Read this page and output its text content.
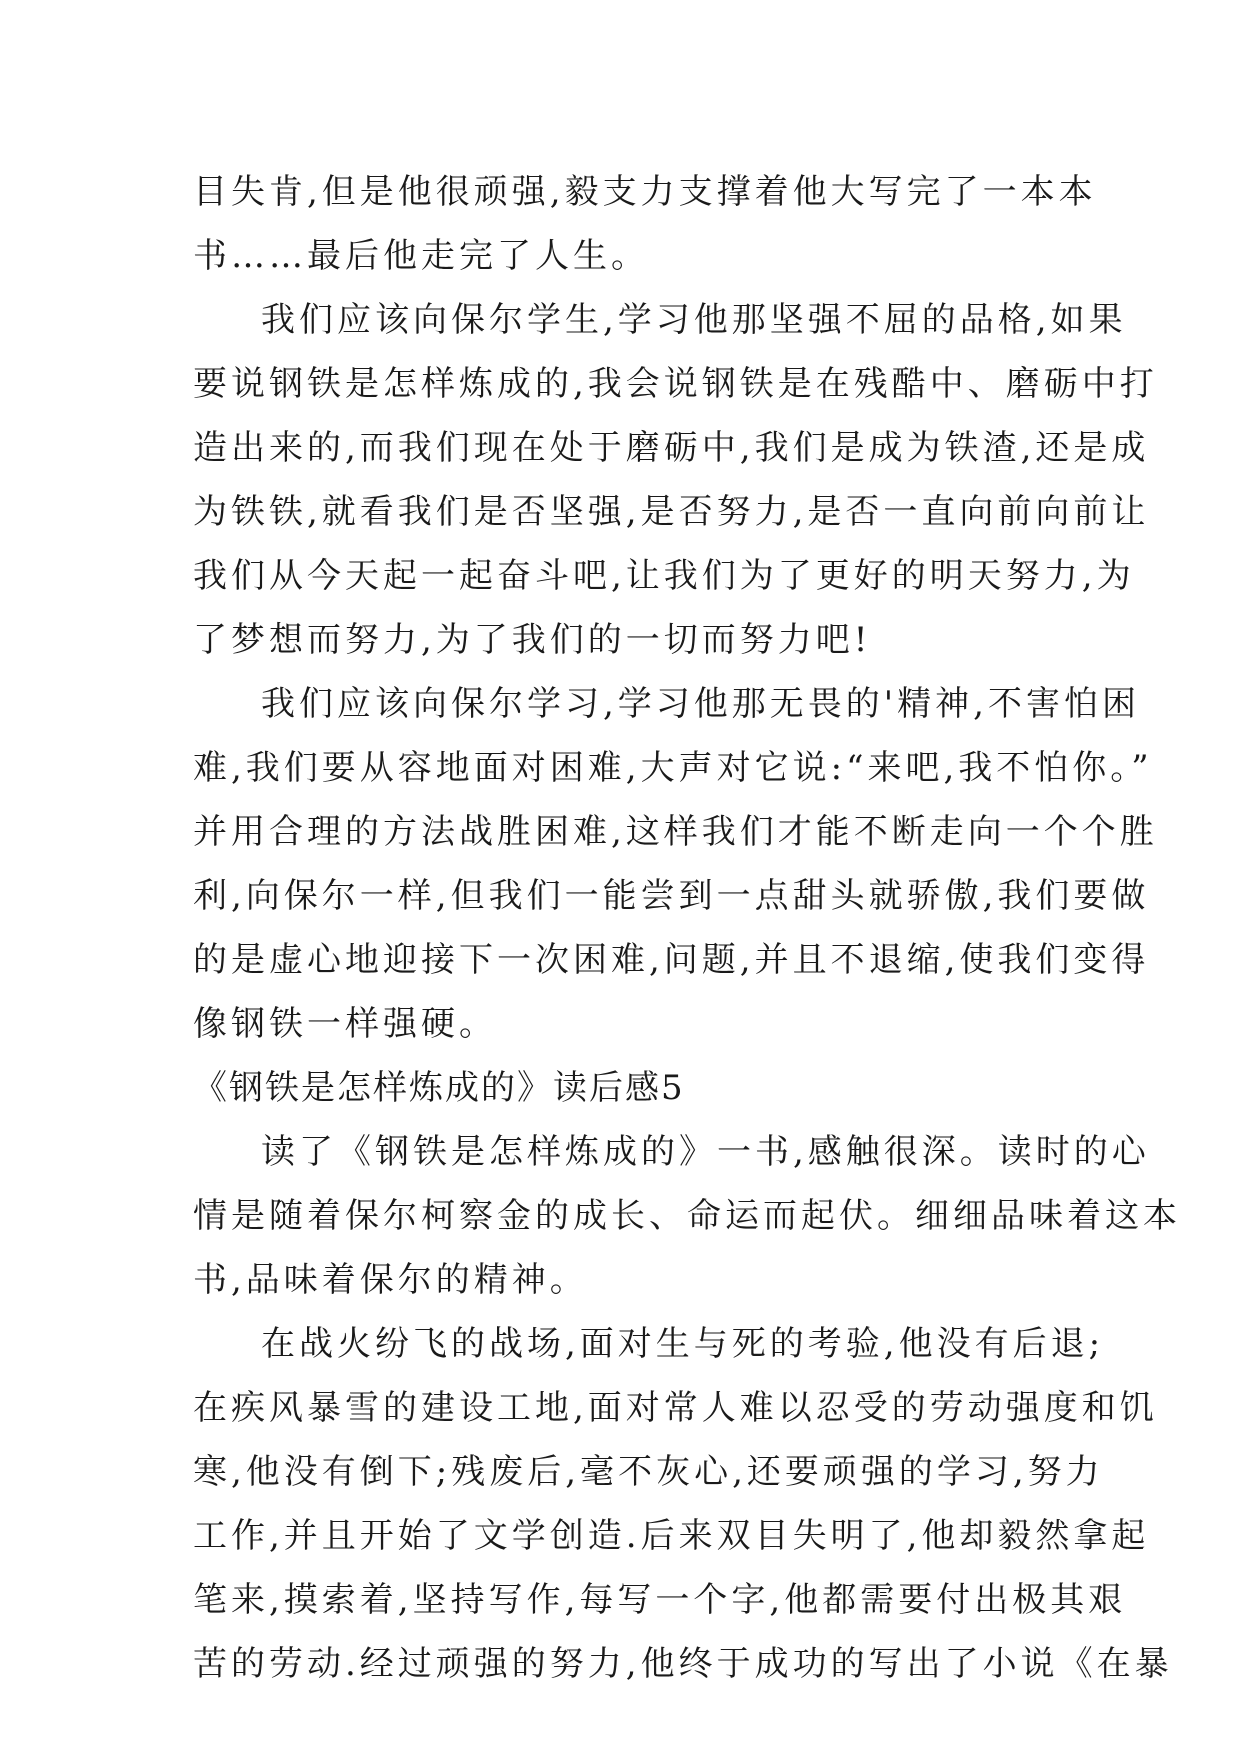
目失肯,但是他很顽强,毅支力支撑着他大写完了一本本
书……最后他走完了人生。
我们应该向保尔学生,学习他那坚强不屈的品格,如果
要说钢铁是怎样炼成的,我会说钢铁是在残酷中、磨砺中打
造出来的,而我们现在处于磨砺中,我们是成为铁渣,还是成
为铁铁,就看我们是否坚强,是否努力,是否一直向前向前让
我们从今天起一起奋斗吧,让我们为了更好的明天努力,为
了梦想而努力,为了我们的一切而努力吧!
我们应该向保尔学习,学习他那无畏的'精神,不害怕困
难,我们要从容地面对困难,大声对它说:“来吧,我不怕你。”
并用合理的方法战胜困难,这样我们才能不断走向一个个胜
利,向保尔一样,但我们一能尝到一点甜头就骄傲,我们要做
的是虚心地迎接下一次困难,问题,并且不退缩,使我们变得
像钢铁一样强硬。
《钢铁是怎样炼成的》读后感5
读了《钢铁是怎样炼成的》一书,感触很深。读时的心
情是随着保尔柯察金的成长、命运而起伏。细细品味着这本
书,品味着保尔的精神。
在战火纷飞的战场,面对生与死的考验,他没有后退;
在疾风暴雪的建设工地,面对常人难以忍受的劳动强度和饥
寒,他没有倒下;残废后,毫不灰心,还要顽强的学习,努力
工作,并且开始了文学创造.后来双目失明了,他却毅然拿起
笔来,摸索着,坚持写作,每写一个字,他都需要付出极其艰
苦的劳动.经过顽强的努力,他终于成功的写出了小说《在暴
